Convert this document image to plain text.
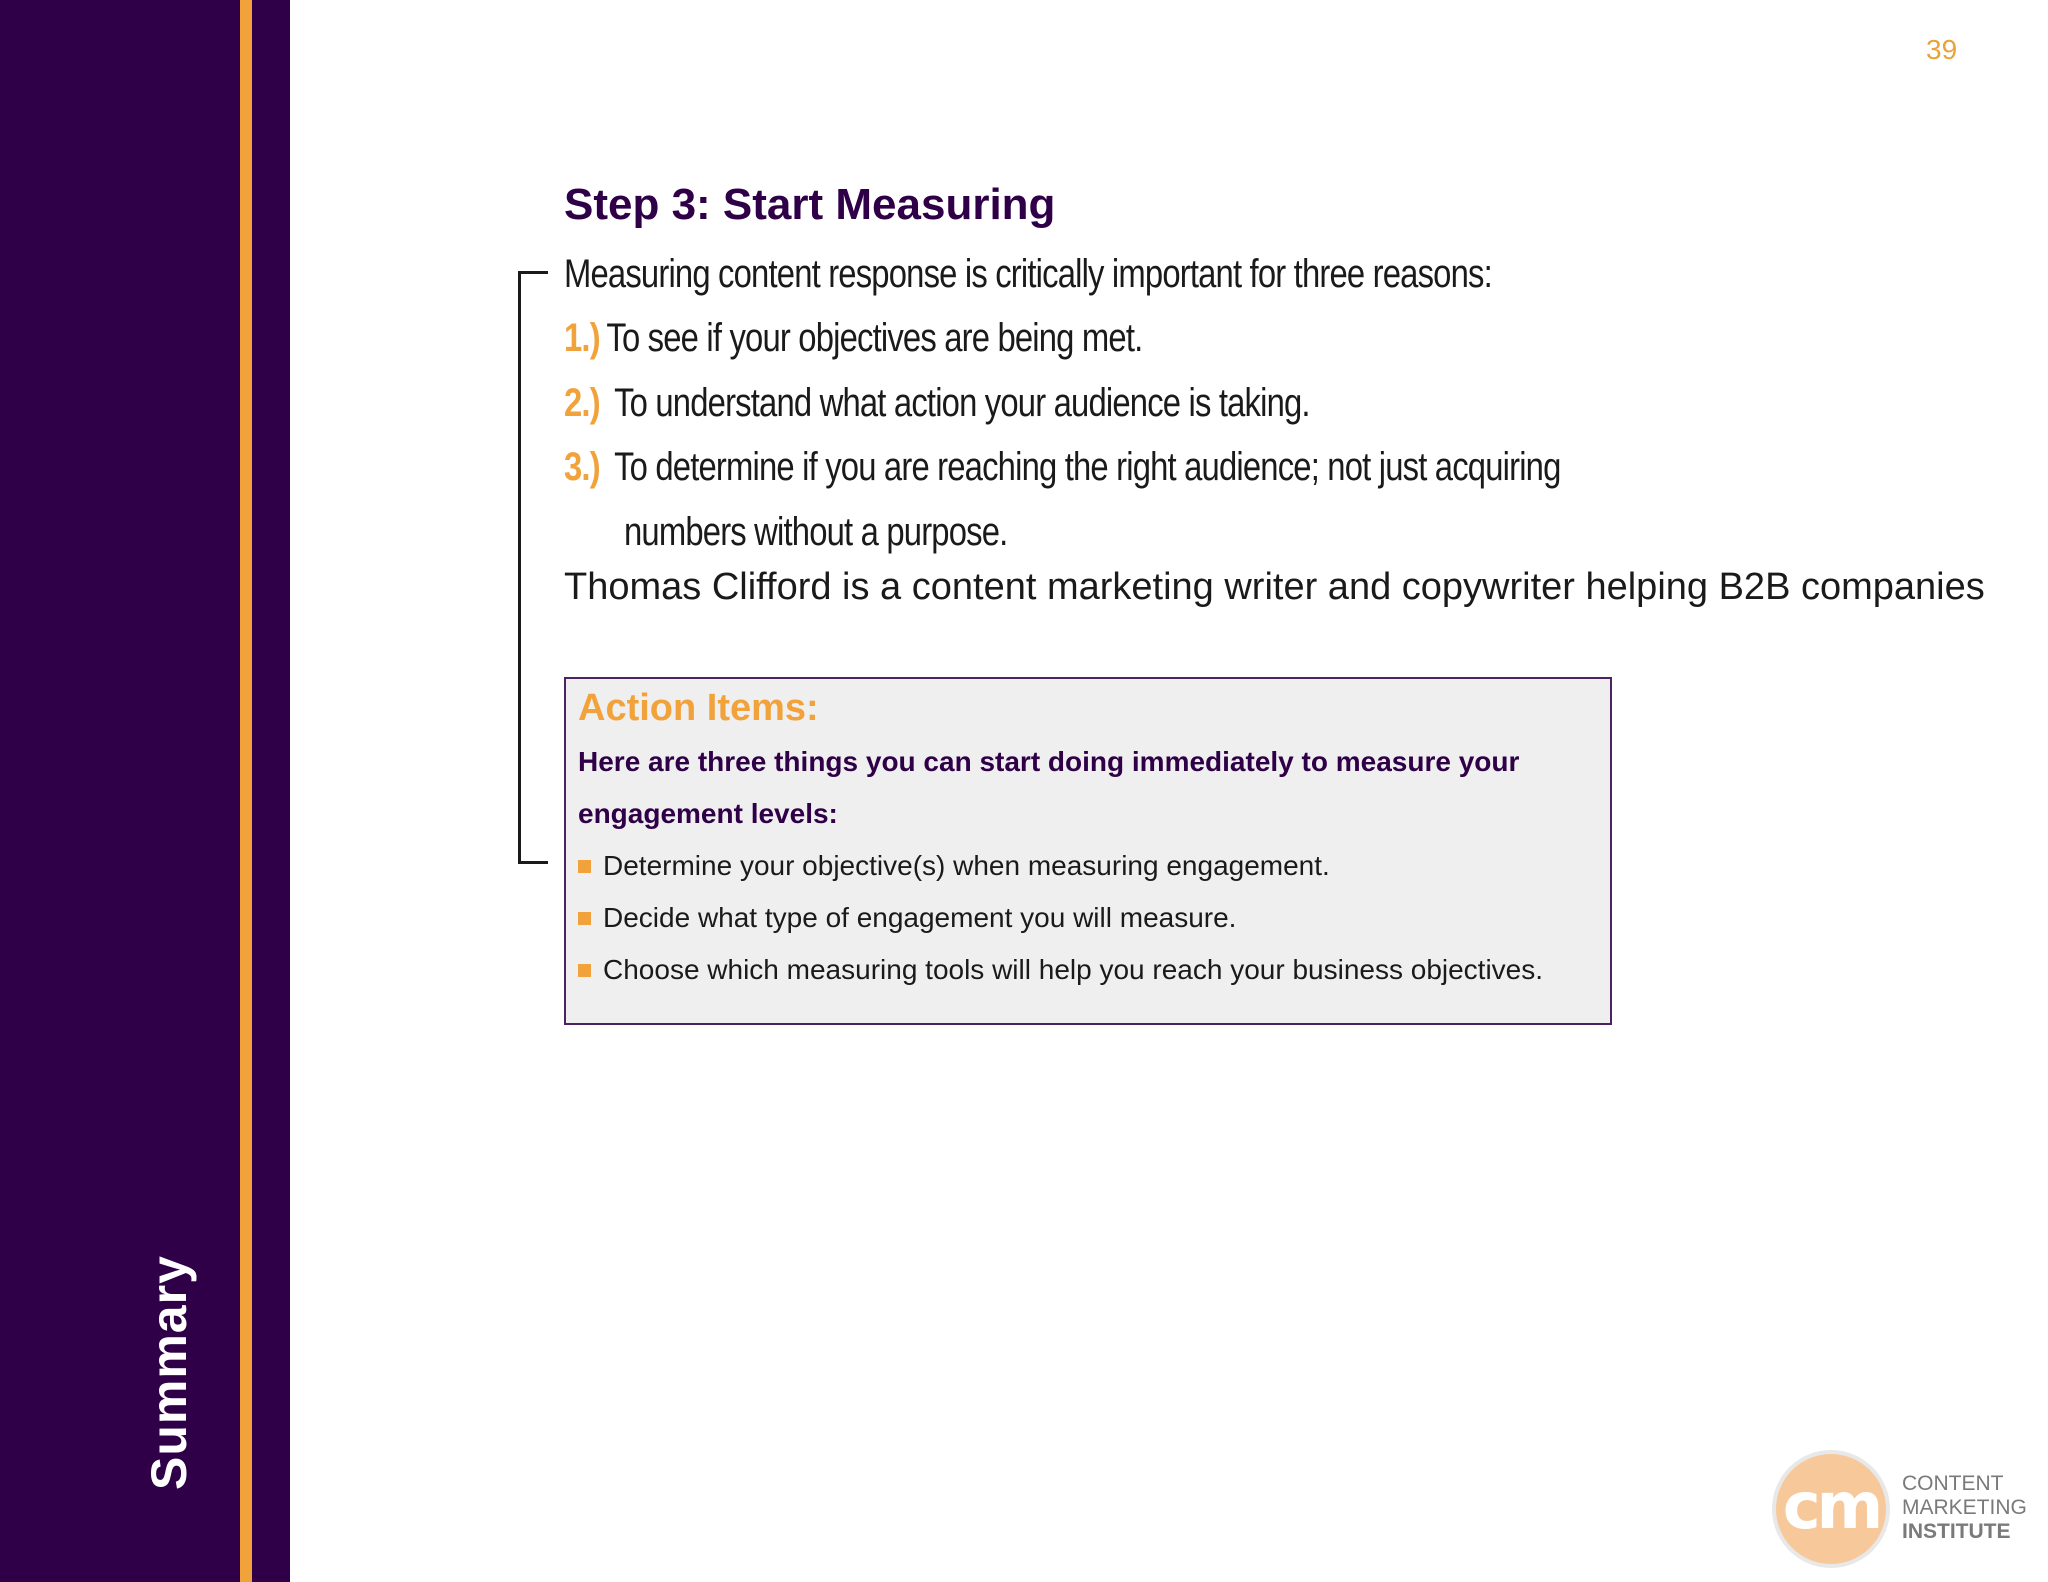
Summary
39
Step 3: Start Measuring
Measuring content response is critically important for three reasons:
1.) To see if your objectives are being met.
2.) To understand what action your audience is taking.
3.) To determine if you are reaching the right audience; not just acquiring
numbers without a purpose.
Thomas Clifford is a content marketing writer and copywriter helping B2B companies
Action Items:

Here are three things you can start doing immediately to measure your engagement levels:

Determine your objective(s) when measuring engagement.
Decide what type of engagement you will measure.
Choose which measuring tools will help you reach your business objectives.
cm CONTENT
MARKETING
INSTITUTE
